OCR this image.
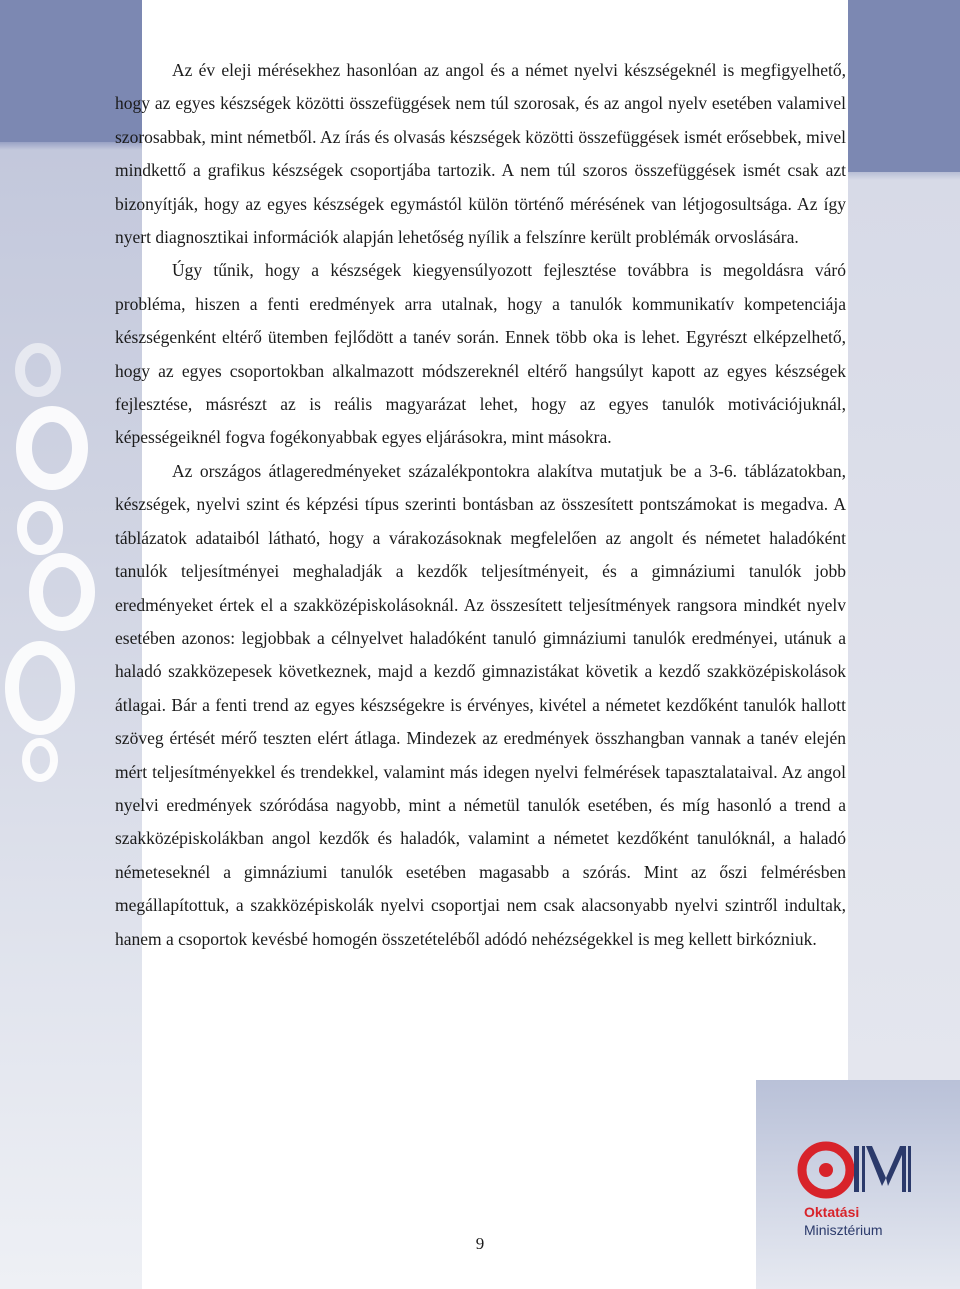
Az év eleji mérésekhez hasonlóan az angol és a német nyelvi készségeknél is megfigyelhető, hogy az egyes készségek közötti összefüggések nem túl szorosak, és az angol nyelv esetében valamivel szorosabbak, mint németből. Az írás és olvasás készségek közötti összefüggések ismét erősebbek, mivel mindkettő a grafikus készségek csoportjába tartozik. A nem túl szoros összefüggések ismét csak azt bizonyítják, hogy az egyes készségek egymástól külön történő mérésének van létjogosultsága. Az így nyert diagnosztikai információk alapján lehetőség nyílik a felszínre került problémák orvoslására.

Úgy tűnik, hogy a készségek kiegyensúlyozott fejlesztése továbbra is megoldásra váró probléma, hiszen a fenti eredmények arra utalnak, hogy a tanulók kommunikatív kompetenciája készségenként eltérő ütemben fejlődött a tanév során. Ennek több oka is lehet. Egyrészt elképzelhető, hogy az egyes csoportokban alkalmazott módszereknél eltérő hangsúlyt kapott az egyes készségek fejlesztése, másrészt az is reális magyarázat lehet, hogy az egyes tanulók motivációjuknál, képességeiknél fogva fogékonyabbak egyes eljárásokra, mint másokra.

Az országos átlageredményeket százalékpontokra alakítva mutatjuk be a 3-6. táblázatokban, készségek, nyelvi szint és képzési típus szerinti bontásban az összesített pontszámokat is megadva. A táblázatok adataiból látható, hogy a várakozásoknak megfelelően az angolt és németet haladóként tanulók teljesítményei meghaladják a kezdők teljesítményeit, és a gimnáziumi tanulók jobb eredményeket értek el a szakközépiskolásoknál. Az összesített teljesítmények rangsora mindkét nyelv esetében azonos: legjobbak a célnyelvet haladóként tanuló gimnáziumi tanulók eredményei, utánuk a haladó szakközepesek következnek, majd a kezdő gimnazistákat követik a kezdő szakközépiskolások átlagai. Bár a fenti trend az egyes készségekre is érvényes, kivétel a németet kezdőként tanulók hallott szöveg értését mérő teszten elért átlaga. Mindezek az eredmények összhangban vannak a tanév elején mért teljesítményekkel és trendekkel, valamint más idegen nyelvi felmérések tapasztalataival. Az angol nyelvi eredmények szóródása nagyobb, mint a németül tanulók esetében, és míg hasonló a trend a szakközépiskolákban angol kezdők és haladók, valamint a németet kezdőként tanulóknál, a haladó németeseknél a gimnáziumi tanulók esetében magasabb a szórás. Mint az őszi felmérésben megállapítottuk, a szakközépiskolák nyelvi csoportjai nem csak alacsonyabb nyelvi szintről indultak, hanem a csoportok kevésbé homogén összetételéből adódó nehézségekkel is meg kellett birkózniuk.

9
Oktatási
Minisztérium
